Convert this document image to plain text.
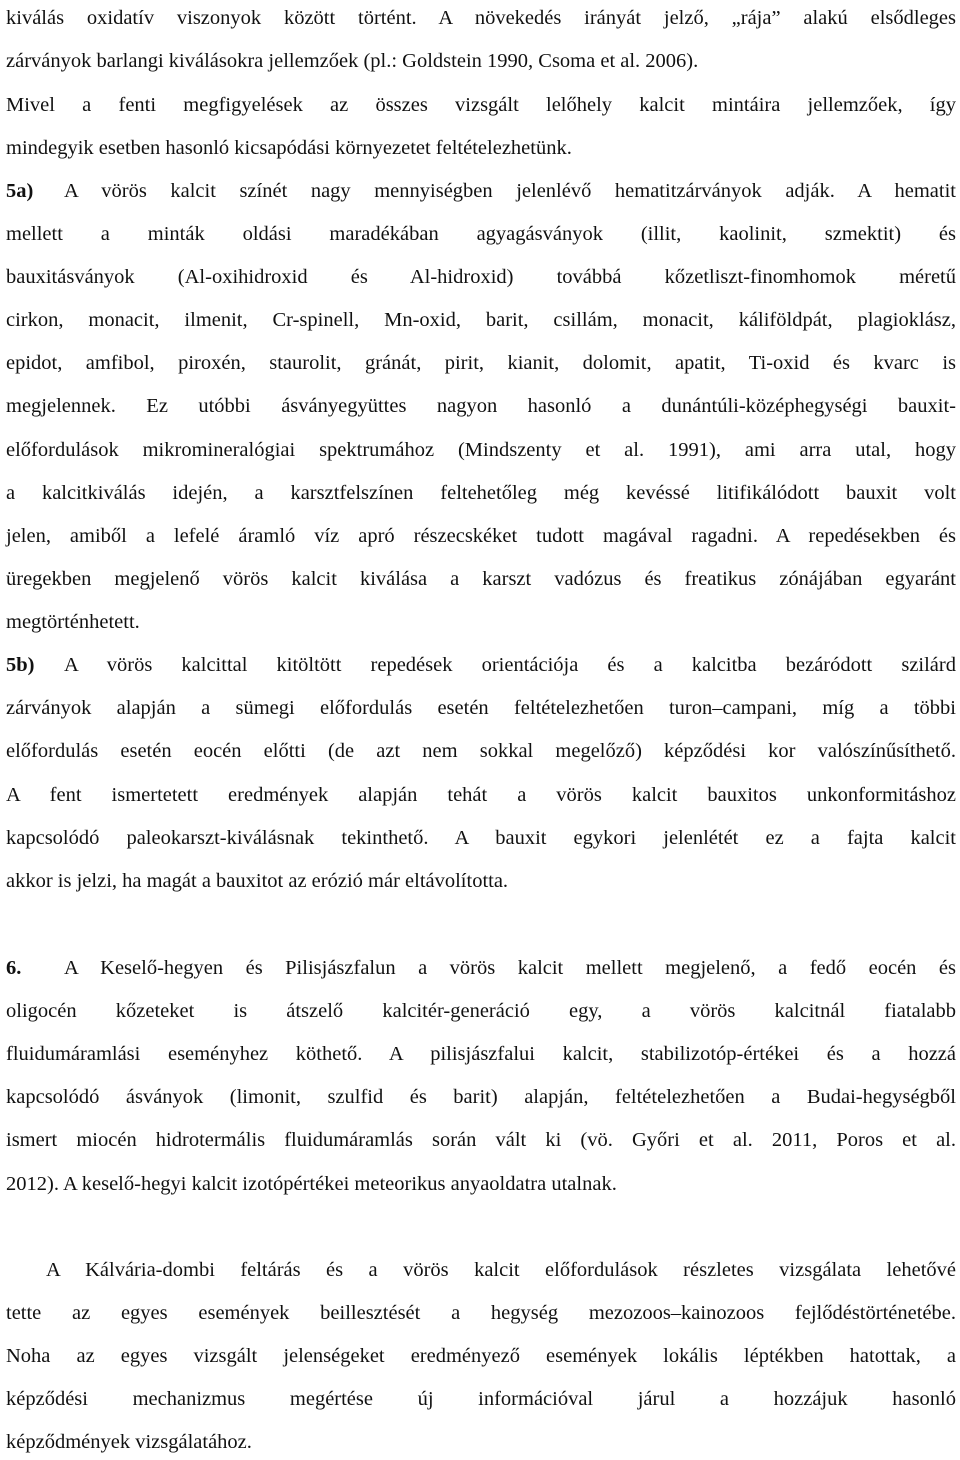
kiválás oxidatív viszonyok között történt. A növekedés irányát jelző, „rája” alakú elsődleges
zárványok barlangi kiválásokra jellemzőek (pl.: Goldstein 1990, Csoma et al. 2006).
Mivel a fenti megfigyelések az összes vizsgált lelőhely kalcit mintáira jellemzőek, így
mindegyik esetben hasonló kicsapódási környezetet feltételezhetünk.
5a) A vörös kalcit színét nagy mennyiségben jelenlévő hematitzárványok adják. A hematit
mellett a minták oldási maradékában agyagásványok (illit, kaolinit, szmektit) és
bauxitásványok (Al-oxihidroxid és Al-hidroxid) továbbá kőzetliszt-finomhomok méretű
cirkon, monacit, ilmenit, Cr-spinell, Mn-oxid, barit, csillám, monacit, káliföldpát, plagioklász,
epidot, amfibol, piroxén, staurolit, gránát, pirit, kianit, dolomit, apatit, Ti-oxid és kvarc is
megjelennek. Ez utóbbi ásványegyüttes nagyon hasonló a dunántúli-középhegységi bauxit-
előfordulások mikromineralógiai spektrumához (Mindszenty et al. 1991), ami arra utal, hogy
a kalcitkiválás idején, a karsztfelszínen feltehetőleg még kevéssé litifikálódott bauxit volt
jelen, amiből a lefelé áramló víz apró részecskéket tudott magával ragadni. A repedésekben és
üregekben megjelenő vörös kalcit kiválása a karszt vadózus és freatikus zónájában egyaránt
megtörténhetett.
5b) A vörös kalcittal kitöltött repedések orientációja és a kalcitba bezáródott szilárd
zárványok alapján a sümegi előfordulás esetén feltételezhetően turon–campani, míg a többi
előfordulás esetén eocén előtti (de azt nem sokkal megelőző) képződési kor valószínűsíthető.
A fent ismertetett eredmények alapján tehát a vörös kalcit bauxitos unkonformitáshoz
kapcsolódó paleokarszt-kiválásnak tekinthető. A bauxit egykori jelenlétét ez a fajta kalcit
akkor is jelzi, ha magát a bauxitot az erózió már eltávolította.
6. A Keselő-hegyen és Pilisjászfalun a vörös kalcit mellett megjelenő, a fedő eocén és
oligocén kőzeteket is átszelő kalcitér-generáció egy, a vörös kalcitnál fiatalabb
fluidumáramlási eseményhez köthető. A pilisjászfalui kalcit, stabilizotóp-értékei és a hozzá
kapcsolódó ásványok (limonit, szulfid és barit) alapján, feltételezhetően a Budai-hegységből
ismert miocén hidrotermális fluidumáramlás során vált ki (vö. Győri et al. 2011, Poros et al.
2012). A keselő-hegyi kalcit izotópértékei meteorikus anyaoldatra utalnak.
A Kálvária-dombi feltárás és a vörös kalcit előfordulások részletes vizsgálata lehetővé
tette az egyes események beillesztését a hegység mezozoos–kainozoos fejlődéstörténetébe.
Noha az egyes vizsgált jelenségeket eredményező események lokális léptékben hatottak, a
képződési mechanizmus megértése új információval járul a hozzájuk hasonló
képződmények vizsgálatához.
